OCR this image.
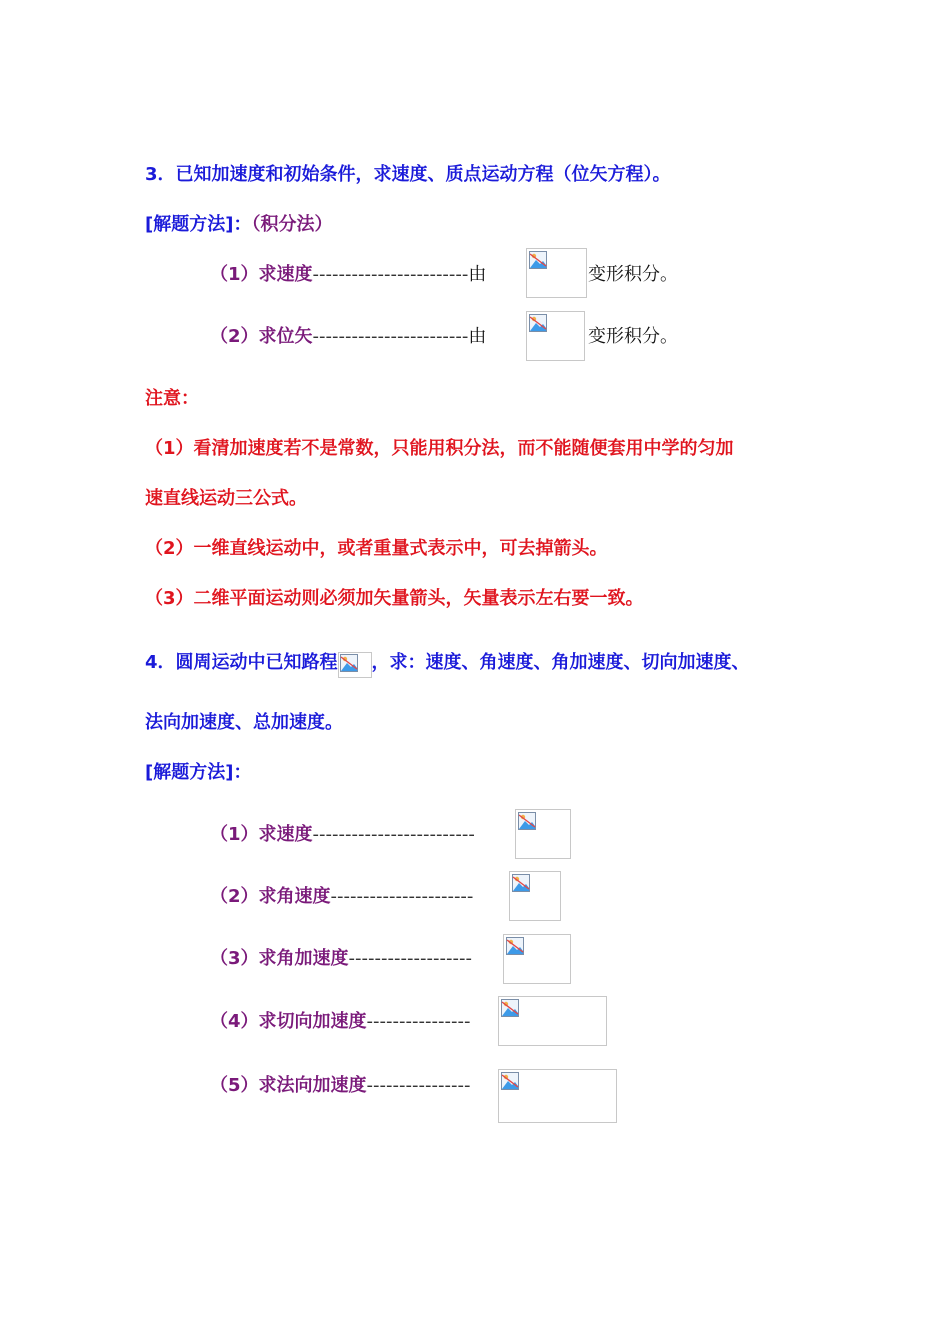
3．已知加速度和初始条件，求速度、质点运动方程（位矢方程）。
[解题方法]：（积分法）
（1）求速度------------------------由	变形积分。
（2）求位矢------------------------由	变形积分。
注意：
（1）看清加速度若不是常数，只能用积分法，而不能随便套用中学的匀加
速直线运动三公式。
（2）一维直线运动中，或者重量式表示中，可去掉箭头。
（3）二维平面运动则必须加矢量箭头，矢量表示左右要一致。
4．圆周运动中已知路程 ，求：速度、角速度、角加速度、切向加速度、
法向加速度、总加速度。
[解题方法]：
（1）求速度-------------------------
（2）求角速度----------------------
（3）求角加速度-------------------
（4）求切向加速度----------------
（5）求法向加速度----------------
